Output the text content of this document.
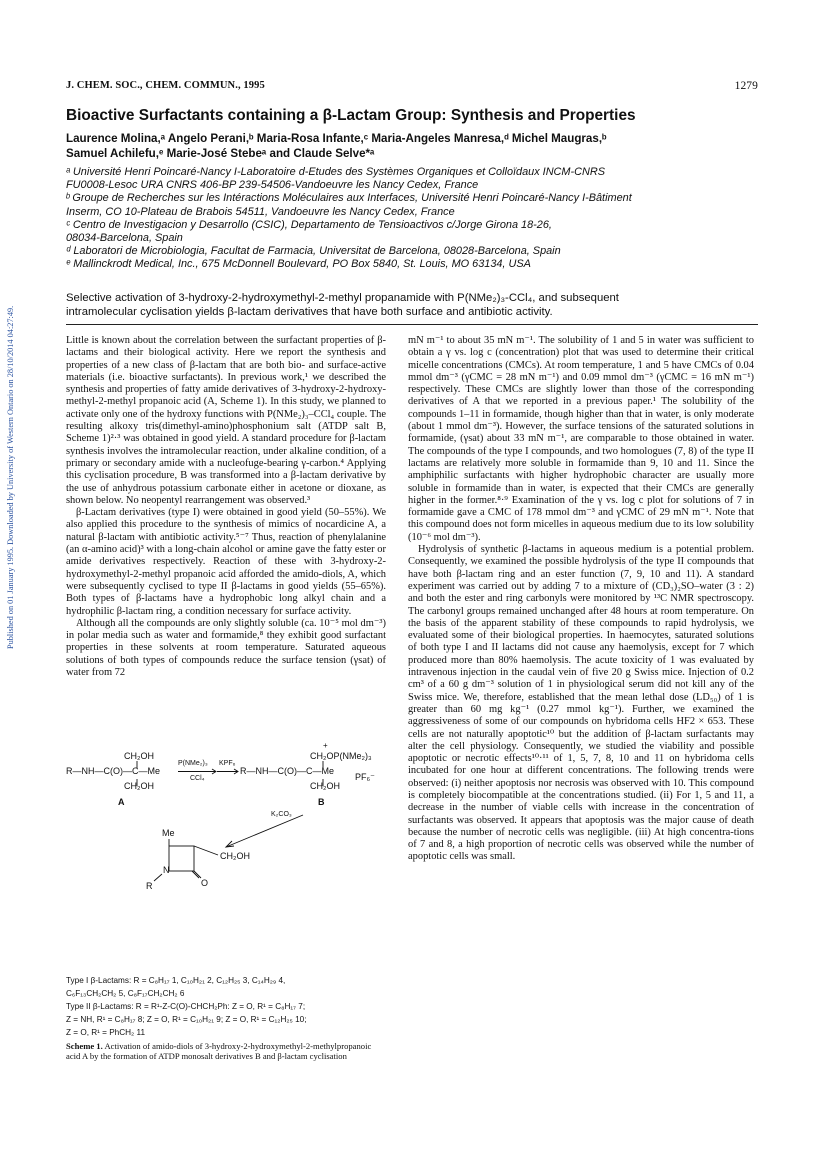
Published on 01 January 1995. Downloaded by University of Western Ontario on 28/10/2014 04:27:49.
J. CHEM. SOC., CHEM. COMMUN., 1995	1279
Bioactive Surfactants containing a β-Lactam Group: Synthesis and Properties
Laurence Molina,ᵃ Angelo Perani,ᵇ Maria-Rosa Infante,ᶜ Maria-Angeles Manresa,ᵈ Michel Maugras,ᵇ
Samuel Achilefu,ᵉ Marie-José Stebeᵃ and Claude Selve*ᵃ
ᵃ Université Henri Poincaré-Nancy I-Laboratoire d-Etudes des Systèmes Organiques et Colloïdaux INCM-CNRS
FU0008-Lesoc URA CNRS 406-BP 239-54506-Vandoeuvre les Nancy Cedex, France
ᵇ Groupe de Recherches sur les Intéractions Moléculaires aux Interfaces, Université Henri Poincaré-Nancy I-Bâtiment
Inserm, CO 10-Plateau de Brabois 54511, Vandoeuvre les Nancy Cedex, France
ᶜ Centro de Investigacion y Desarrollo (CSIC), Departamento de Tensioactivos c/Jorge Girona 18-26,
08034-Barcelona, Spain
ᵈ Laboratori de Microbiologia, Facultat de Farmacia, Universitat de Barcelona, 08028-Barcelona, Spain
ᵉ Mallinckrodt Medical, Inc., 675 McDonnell Boulevard, PO Box 5840, St. Louis, MO 63134, USA
Selective activation of 3-hydroxy-2-hydroxymethyl-2-methyl propanamide with P(NMe₂)₃-CCl₄, and subsequent
intramolecular cyclisation yields β-lactam derivatives that have both surface and antibiotic activity.

Little is known about the correlation between the surfactant properties of β-lactams and their biological activity. Here we report the synthesis and properties of a new class of β-lactam that are both bio- and surface-active materials (i.e. bioactive surfactants). In previous work,¹ we described the synthesis and properties of fatty amide derivatives of 3-hydroxy-2-hydroxy-methyl-2-methyl propanoic acid (A, Scheme 1). In this study, we planned to activate only one of the hydroxy functions with P(NMe₂)₃–CCl₄ couple. The resulting alkoxy tris(dimethyl-amino)phosphonium salt (ATDP salt B, Scheme 1)²·³ was obtained in good yield. A standard procedure for β-lactam synthesis involves the intramolecular reaction, under alkaline condition, of a primary or secondary amide with a nucleofuge-bearing γ-carbon.⁴ Applying this cyclisation procedure, B was transformed into a β-lactam derivative by the use of anhydrous potassium carbonate either in acetone or dioxane, as shown below. No neopentyl rearrangement was observed.³

β-Lactam derivatives (type I) were obtained in good yield (50–55%). We also applied this procedure to the synthesis of mimics of nocardicine A, a natural β-lactam with antibiotic activity.⁵⁻⁷ Thus, reaction of phenylalanine (an α-amino acid)³ with a long-chain alcohol or amine gave the fatty ester or amide derivatives respectively. Reaction of these with 3-hydroxy-2-hydroxymethyl-2-methyl propanoic acid afforded the amido-diols, A, which were subsequently cyclised to type II β-lactams in good yields (55–65%). Both types of β-lactams have a hydrophobic long alkyl chain and a hydrophilic β-lactam ring, a condition necessary for surface activity.

Although all the compounds are only slightly soluble (ca. 10⁻⁵ mol dm⁻³) in polar media such as water and formamide,⁸ they exhibit good surfactant properties in these solvents at room temperature. Saturated aqueous solutions of both types of compounds reduce the surface tension (γsat) of water from 72

CH₂OH
R—NH—C(O)—C—Me
CH₂OH
A
P(NMe₂)₃
CCl₄
KPF₆
+
CH₂OP(NMe₂)₃
R—NH—C(O)—C—Me
CH₂OH
PF₆⁻
B
Me
CH₂OH
N
R	O
K₂CO₃
Type I β-Lactams: R = C₈H₁₇ 1, C₁₀H₂₁ 2, C₁₂H₂₅ 3, C₁₄H₂₉ 4,
C₆F₁₃CH₂CH₂ 5, C₈F₁₇CH₂CH₂ 6
Type II β-Lactams: R = R¹-Z-C(O)-CHCH₂Ph: Z = O, R¹ = C₈H₁₇ 7;
Z = NH, R¹ = C₈H₁₇ 8; Z = O, R¹ = C₁₀H₂₁ 9; Z = O, R¹ = C₁₂H₂₅ 10;
Z = O, R¹ = PhCH₂ 11
Scheme 1. Activation of amido-diols of 3-hydroxy-2-hydroxymethyl-2-methylpropanoic acid A by the formation of ATDP monosalt derivatives B and β-lactam cyclisation

mN m⁻¹ to about 35 mN m⁻¹. The solubility of 1 and 5 in water was sufficient to obtain a γ vs. log c (concentration) plot that was used to determine their critical micelle concentrations (CMCs). At room temperature, 1 and 5 have CMCs of 0.04 mmol dm⁻³ (γCMC = 28 mN m⁻¹) and 0.09 mmol dm⁻³ (γCMC = 16 mN m⁻¹) respectively. These CMCs are slightly lower than those of the corresponding derivatives of A that we reported in a previous paper.¹ The solubility of the compounds 1–11 in formamide, though higher than that in water, is only moderate (about 1 mmol dm⁻³). However, the surface tensions of the saturated solutions in formamide, (γsat) about 33 mN m⁻¹, are comparable to those obtained in water. The compounds of the type I compounds, and two homologues (7, 8) of the type II lactams are relatively more soluble in formamide than 9, 10 and 11. Since the amphiphilic surfactants with higher hydrophobic character are usually more soluble in formamide than in water, is expected that their CMCs are generally higher in the former.⁸·⁹ Examination of the γ vs. log c plot for solutions of 7 in formamide gave a CMC of 178 mmol dm⁻³ and γCMC of 29 mN m⁻¹. Note that this compound does not form micelles in aqueous medium due to its low solubility (10⁻⁶ mol dm⁻³).

Hydrolysis of synthetic β-lactams in aqueous medium is a potential problem. Consequently, we examined the possible hydrolysis of the type II compounds that have both β-lactam ring and an ester function (7, 9, 10 and 11). A standard experiment was carried out by adding 7 to a mixture of (CD₃)₂SO–water (3 : 2) and both the ester and ring carbonyls were monitored by ¹³C NMR spectroscopy. The carbonyl groups remained unchanged after 48 hours at room temperature. On the basis of the apparent stability of these compounds to rapid hydrolysis, we evaluated some of their biological properties. In haemocytes, saturated solutions of both type I and II lactams did not cause any haemolysis, except for 7 which produced more than 80% haemolysis. The acute toxicity of 1 was evaluated by intravenous injection in the caudal vein of five 20 g Swiss mice. Injection of 0.2 cm³ of a 60 g dm⁻³ solution of 1 in physiological serum did not kill any of the Swiss mice. We, therefore, established that the mean lethal dose (LD₅₀) of 1 is greater than 60 mg kg⁻¹ (0.27 mmol kg⁻¹). Further, we examined the aggressiveness of some of our compounds on hybridoma cells HF2 × 653. These cells are not naturally apoptotic¹⁰ but the addition of β-lactam surfactants may alter the cell physiology. Consequently, we studied the viability and possible apoptotic or necrotic effects¹⁰·¹¹ of 1, 5, 7, 8, 10 and 11 on hybridoma cells incubated for one hour at different concentrations. The following trends were observed: (i) neither apoptosis nor necrosis was observed with 10. This compound is completely biocompatible at the concentrations studied. (ii) For 1, 5 and 11, a decrease in the number of viable cells with increase in the concentration of surfactants was observed. It appears that apoptosis was the major cause of death because the number of necrotic cells was negligible. (iii) At high concentra-tions of 7 and 8, a high proportion of necrotic cells was observed while the number of apoptotic cells was small.
